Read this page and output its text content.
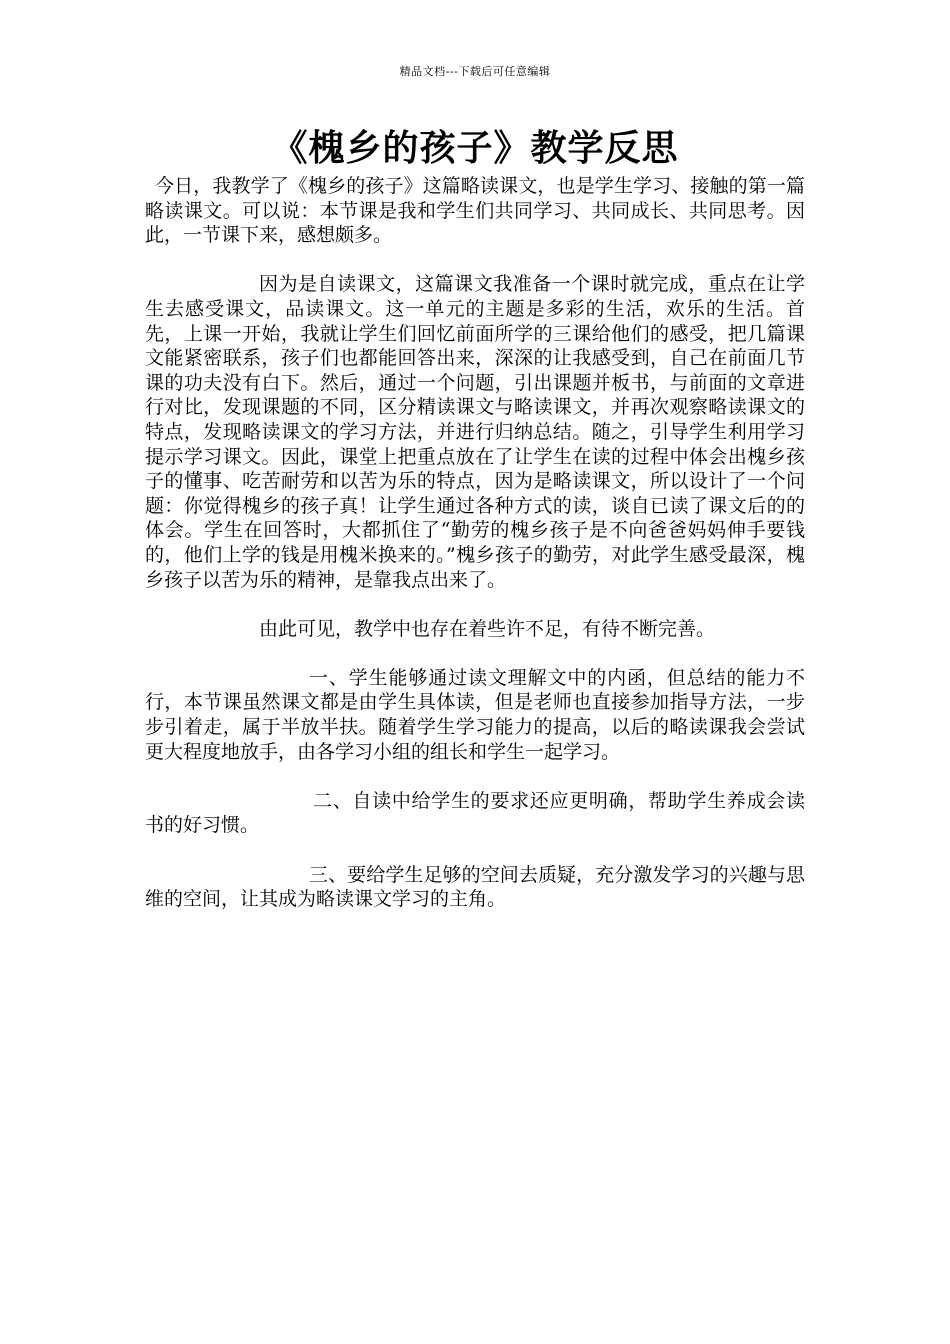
精品文档---下载后可任意编辑
《槐乡的孩子》教学反思

今日，我教学了《槐乡的孩子》这篇略读课文，也是学生学习、接触的第一篇略读课文。可以说：本节课是我和学生们共同学习、共同成长、共同思考。因此，一节课下来，感想颇多。

因为是自读课文，这篇课文我准备一个课时就完成，重点在让学生去感受课文，品读课文。这一单元的主题是多彩的生活，欢乐的生活。首先，上课一开始，我就让学生们回忆前面所学的三课给他们的感受，把几篇课文能紧密联系，孩子们也都能回答出来，深深的让我感受到，自己在前面几节课的功夫没有白下。然后，通过一个问题，引出课题并板书，与前面的文章进行对比，发现课题的不同，区分精读课文与略读课文，并再次观察略读课文的特点，发现略读课文的学习方法，并进行归纳总结。随之，引导学生利用学习提示学习课文。因此，课堂上把重点放在了让学生在读的过程中体会出槐乡孩子的懂事、吃苦耐劳和以苦为乐的特点，因为是略读课文，所以设计了一个问题：你觉得槐乡的孩子真！让学生通过各种方式的读，谈自已读了课文后的的体会。学生在回答时，大都抓住了“勤劳的槐乡孩子是不向爸爸妈妈伸手要钱的，他们上学的钱是用槐米换来的。”槐乡孩子的勤劳，对此学生感受最深，槐乡孩子以苦为乐的精神，是靠我点出来了。

由此可见，教学中也存在着些许不足，有待不断完善。

一、学生能够通过读文理解文中的内函，但总结的能力不行，本节课虽然课文都是由学生具体读，但是老师也直接参加指导方法，一步步引着走，属于半放半扶。随着学生学习能力的提高，以后的略读课我会尝试更大程度地放手，由各学习小组的组长和学生一起学习。

二、自读中给学生的要求还应更明确，帮助学生养成会读书的好习惯。

三、要给学生足够的空间去质疑，充分激发学习的兴趣与思维的空间，让其成为略读课文学习的主角。
